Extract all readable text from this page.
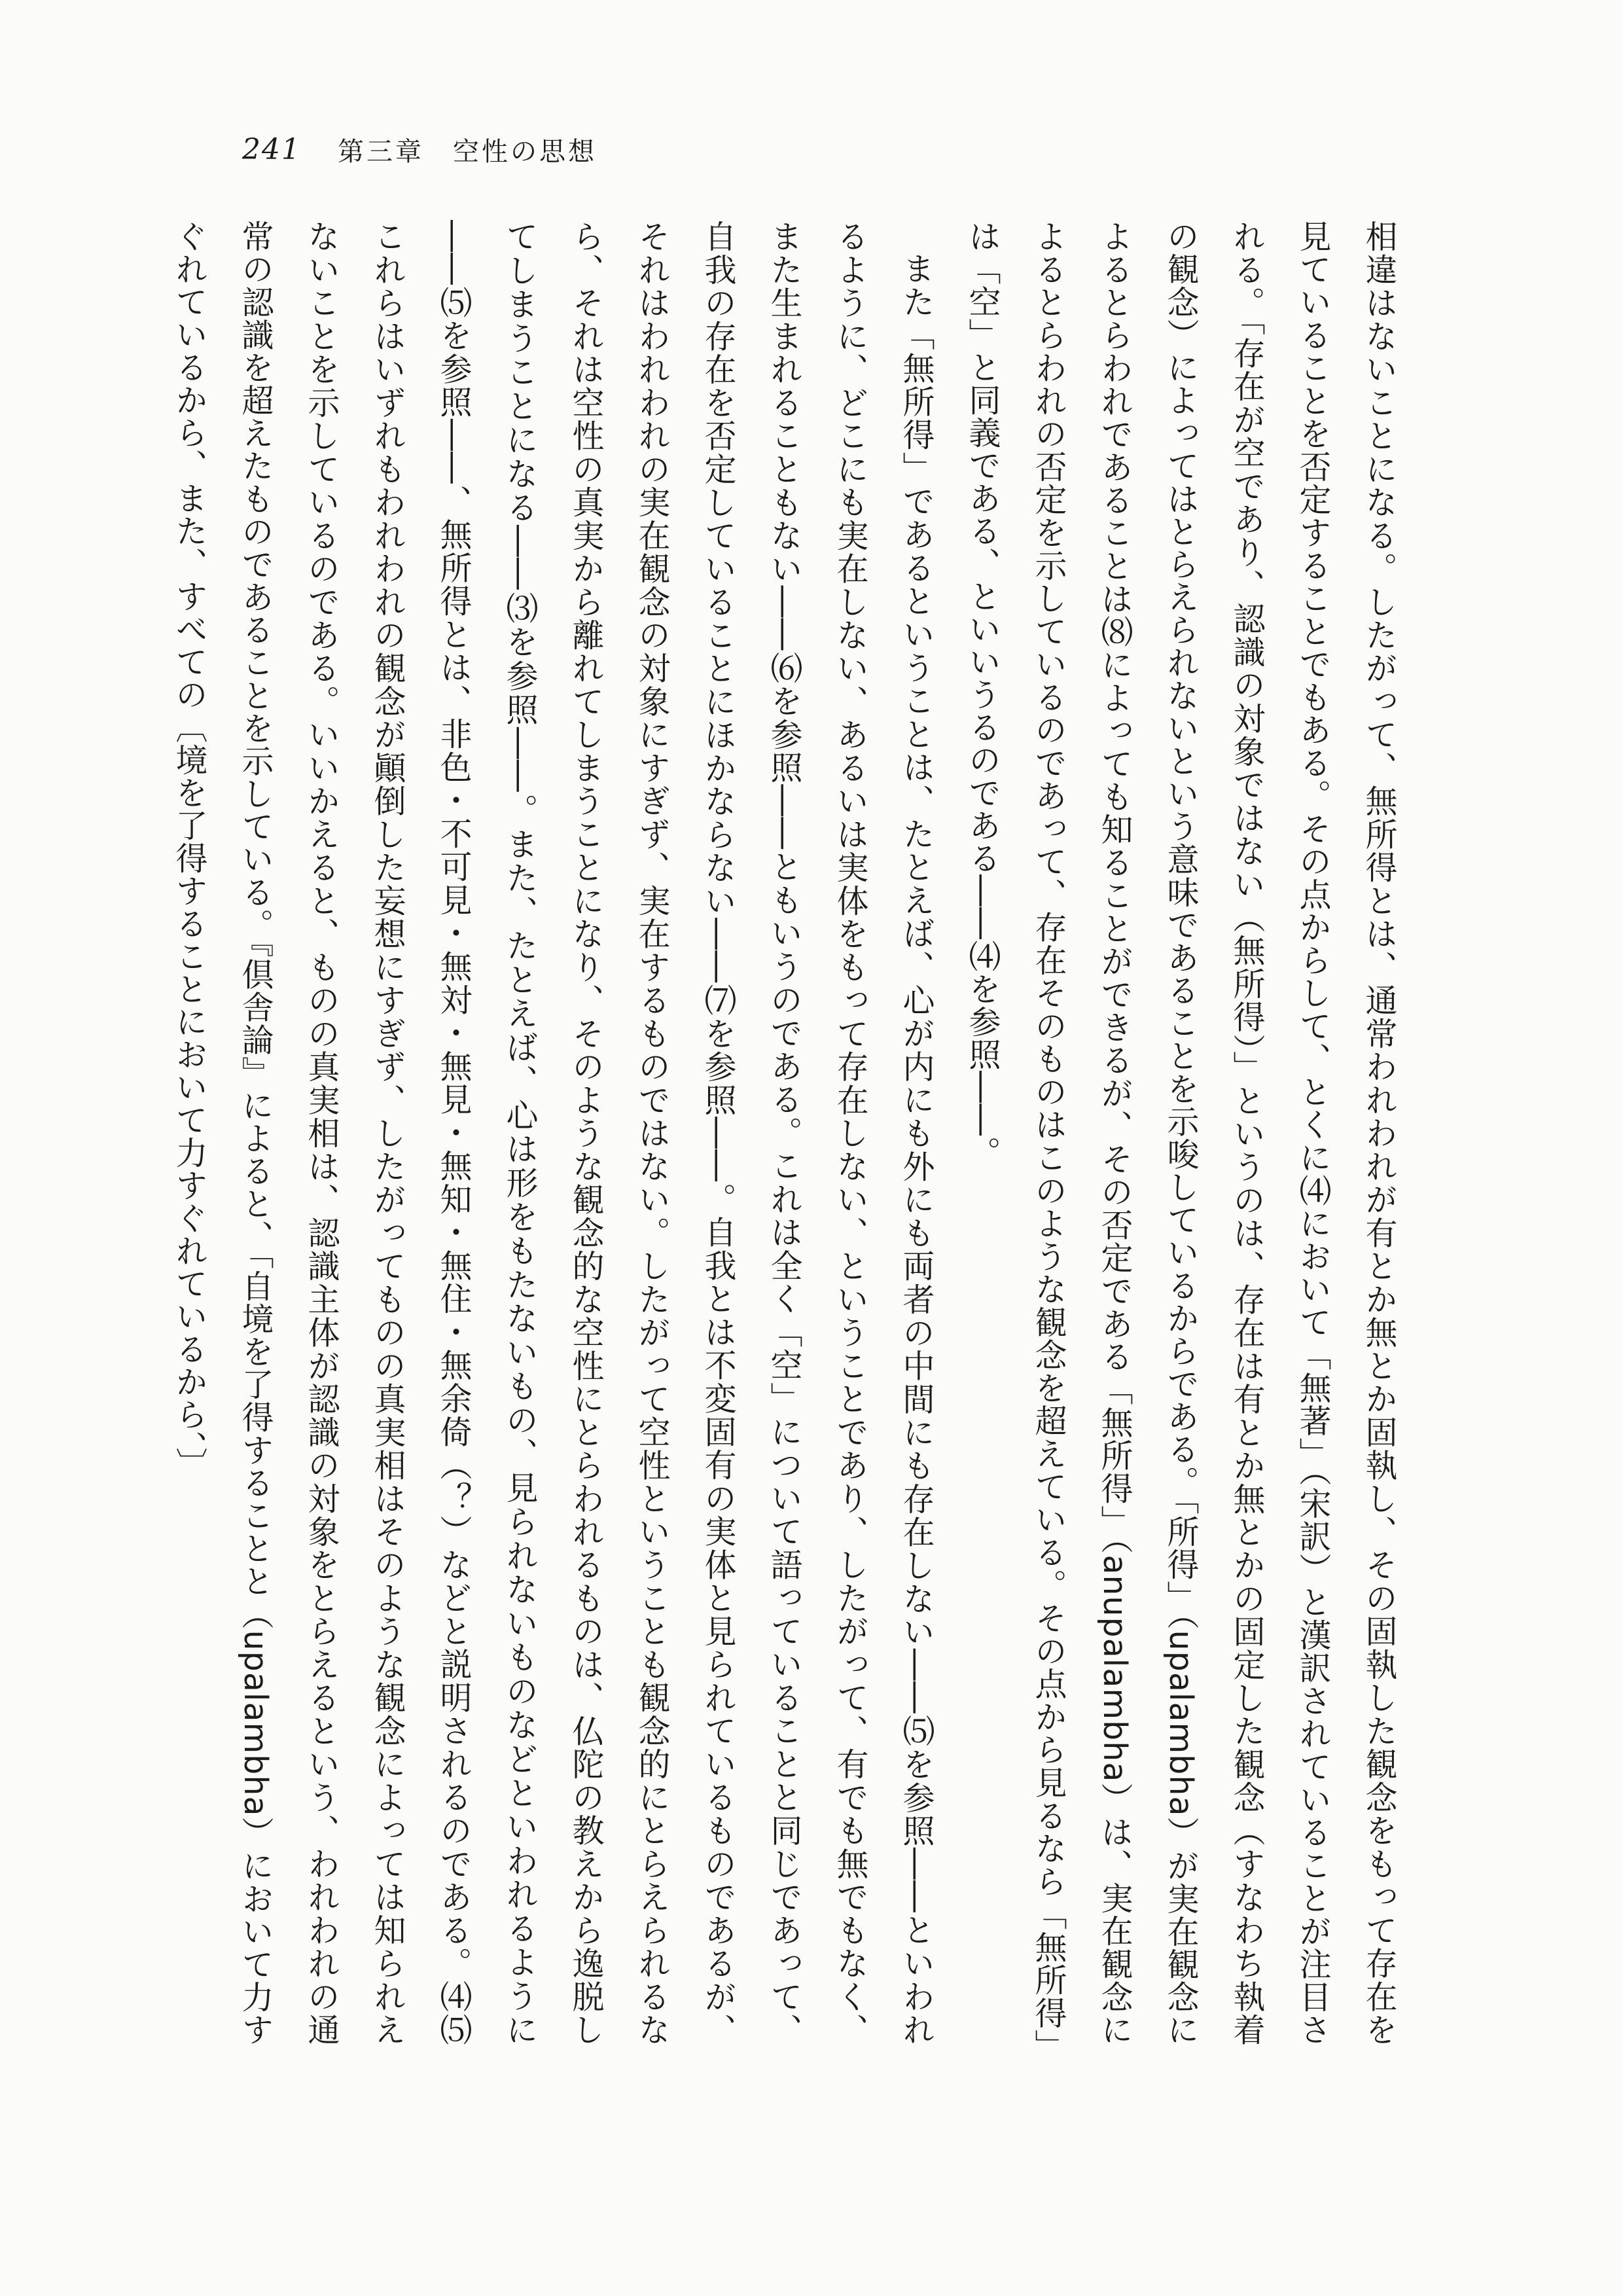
241 第三章　空性の思想

相違はないことになる。したがって、無所得とは、通常われわれが有とか無とか固執し、その固執した観念をもって存在を見ていることを否定することでもある。その点からして、とくに⑷において「無著」（宋訳）と漢訳されていることが注目される。「存在が空であり、認識の対象ではない（無所得）」というのは、存在は有とか無とかの固定した観念（すなわち執着の観念）によってはとらえられないという意味であることを示唆しているからである。「所得」（upalambha）が実在観念によるとらわれであることは⑻によっても知ることができるが、その否定である「無所得」（anupalambha）は、実在観念によるとらわれの否定を示しているのであって、存在そのものはこのような観念を超えている。その点から見るなら「無所得」は「空」と同義である、といいうるのである――⑷を参照――。

また「無所得」であるということは、たとえば、心が内にも外にも両者の中間にも存在しない――⑸を参照――といわれるように、どこにも実在しない、あるいは実体をもって存在しない、ということであり、したがって、有でも無でもなく、また生まれることもない――⑹を参照――ともいうのである。これは全く「空」について語っていることと同じであって、自我の存在を否定していることにほかならない――⑺を参照――。自我とは不変固有の実体と見られているものであるが、それはわれわれの実在観念の対象にすぎず、実在するものではない。したがって空性ということも観念的にとらえられるなら、それは空性の真実から離れてしまうことになり、そのような観念的な空性にとらわれるものは、仏陀の教えから逸脱してしまうことになる――⑶を参照――。また、たとえば、心は形をもたないもの、見られないものなどといわれるように――⑸を参照――、無所得とは、非色・不可見・無対・無見・無知・無住・無余倚（？）などと説明されるのである。⑷⑸これらはいずれもわれわれの観念が顚倒した妄想にすぎず、したがってものの真実相はそのような観念によっては知られえないことを示しているのである。いいかえると、ものの真実相は、認識主体が認識の対象をとらえるという、われわれの通常の認識を超えたものであることを示している。『倶舎論』によると、「自境を了得することと（upalambha）において力すぐれているから、また、すべての〔境を了得することにおいて力すぐれているから、〕
